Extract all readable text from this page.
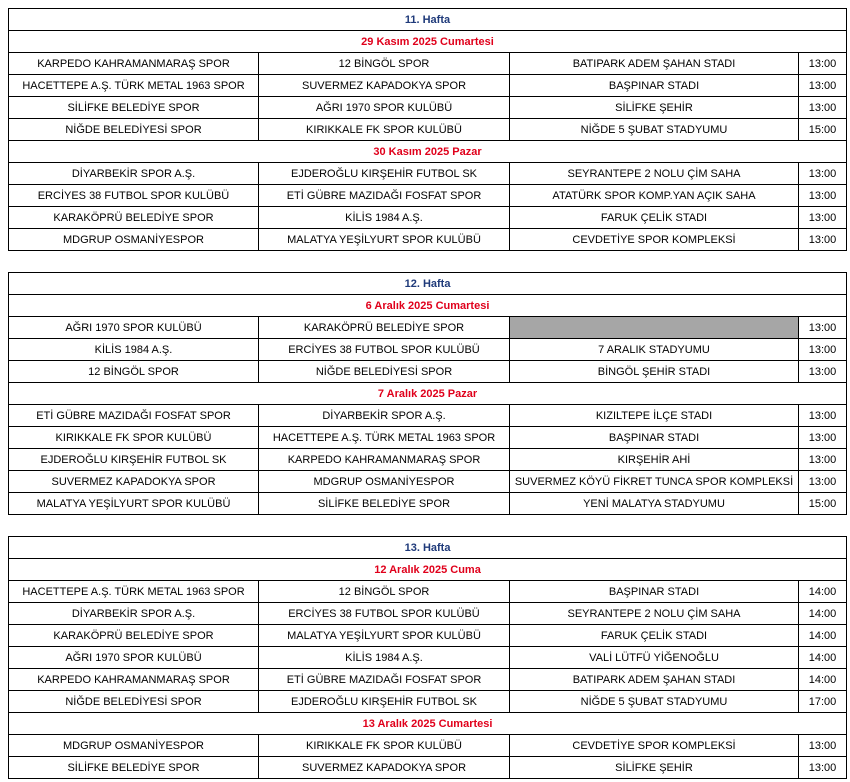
11. Hafta			
29 Kasım 2025 Cumartesi			
KARPEDO KAHRAMANMARAŞ SPOR	12 BİNGÖL SPOR	BATIPARK ADEM ŞAHAN STADI	13:00
HACETTEPE A.Ş. TÜRK METAL 1963 SPOR	SUVERMEZ KAPADOKYA SPOR	BAŞPINAR STADI	13:00
SİLİFKE BELEDİYE SPOR	AĞRI 1970 SPOR KULÜBÜ	SİLİFKE ŞEHİR	13:00
NİĞDE BELEDİYESİ SPOR	KIRIKKALE FK SPOR KULÜBÜ	NİĞDE 5 ŞUBAT STADYUMU	15:00
30 Kasım 2025 Pazar			
DİYARBEKİR SPOR A.Ş.	EJDEROĞLU KIRŞEHİR FUTBOL SK	SEYRANTEPE 2 NOLU ÇİM SAHA	13:00
ERCİYES 38 FUTBOL SPOR KULÜBÜ	ETİ GÜBRE MAZIDAĞI FOSFAT SPOR	ATATÜRK SPOR KOMP.YAN AÇIK SAHA	13:00
KARAKÖPRÜ BELEDİYE SPOR	KİLİS 1984 A.Ş.	FARUK ÇELİK STADI	13:00
MDGRUP OSMANİYESPOR	MALATYA YEŞİLYURT SPOR KULÜBÜ	CEVDETİYE SPOR KOMPLEKSİ	13:00
12. Hafta			
6 Aralık 2025 Cumartesi			
AĞRI 1970 SPOR KULÜBÜ	KARAKÖPRÜ BELEDİYE SPOR		13:00
KİLİS 1984 A.Ş.	ERCİYES 38 FUTBOL SPOR KULÜBÜ	7 ARALIK STADYUMU	13:00
12 BİNGÖL SPOR	NİĞDE BELEDİYESİ SPOR	BİNGÖL ŞEHİR STADI	13:00
7 Aralık 2025 Pazar			
ETİ GÜBRE MAZIDAĞI FOSFAT SPOR	DİYARBEKİR SPOR A.Ş.	KIZILTEPE İLÇE STADI	13:00
KIRIKKALE FK SPOR KULÜBÜ	HACETTEPE A.Ş. TÜRK METAL 1963 SPOR	BAŞPINAR STADI	13:00
EJDEROĞLU KIRŞEHİR FUTBOL SK	KARPEDO KAHRAMANMARAŞ SPOR	KIRŞEHİR AHİ	13:00
SUVERMEZ KAPADOKYA SPOR	MDGRUP OSMANİYESPOR	SUVERMEZ KÖYÜ FİKRET TUNCA SPOR KOMPLEKSİ	13:00
MALATYA YEŞİLYURT SPOR KULÜBÜ	SİLİFKE BELEDİYE SPOR	YENİ MALATYA STADYUMU	15:00
13. Hafta			
12 Aralık 2025 Cuma			
HACETTEPE A.Ş. TÜRK METAL 1963 SPOR	12 BİNGÖL SPOR	BAŞPINAR STADI	14:00
DİYARBEKİR SPOR A.Ş.	ERCİYES 38 FUTBOL SPOR KULÜBÜ	SEYRANTEPE 2 NOLU ÇİM SAHA	14:00
KARAKÖPRÜ BELEDİYE SPOR	MALATYA YEŞİLYURT SPOR KULÜBÜ	FARUK ÇELİK STADI	14:00
AĞRI 1970 SPOR KULÜBÜ	KİLİS 1984 A.Ş.	VALİ LÜTFÜ YİĞENOĞLU	14:00
KARPEDO KAHRAMANMARAŞ SPOR	ETİ GÜBRE MAZIDAĞI FOSFAT SPOR	BATIPARK ADEM ŞAHAN STADI	14:00
NİĞDE BELEDİYESİ SPOR	EJDEROĞLU KIRŞEHİR FUTBOL SK	NİĞDE 5 ŞUBAT STADYUMU	17:00
13 Aralık 2025 Cumartesi			
MDGRUP OSMANİYESPOR	KIRIKKALE FK SPOR KULÜBÜ	CEVDETİYE SPOR KOMPLEKSİ	13:00
SİLİFKE BELEDİYE SPOR	SUVERMEZ KAPADOKYA SPOR	SİLİFKE ŞEHİR	13:00
